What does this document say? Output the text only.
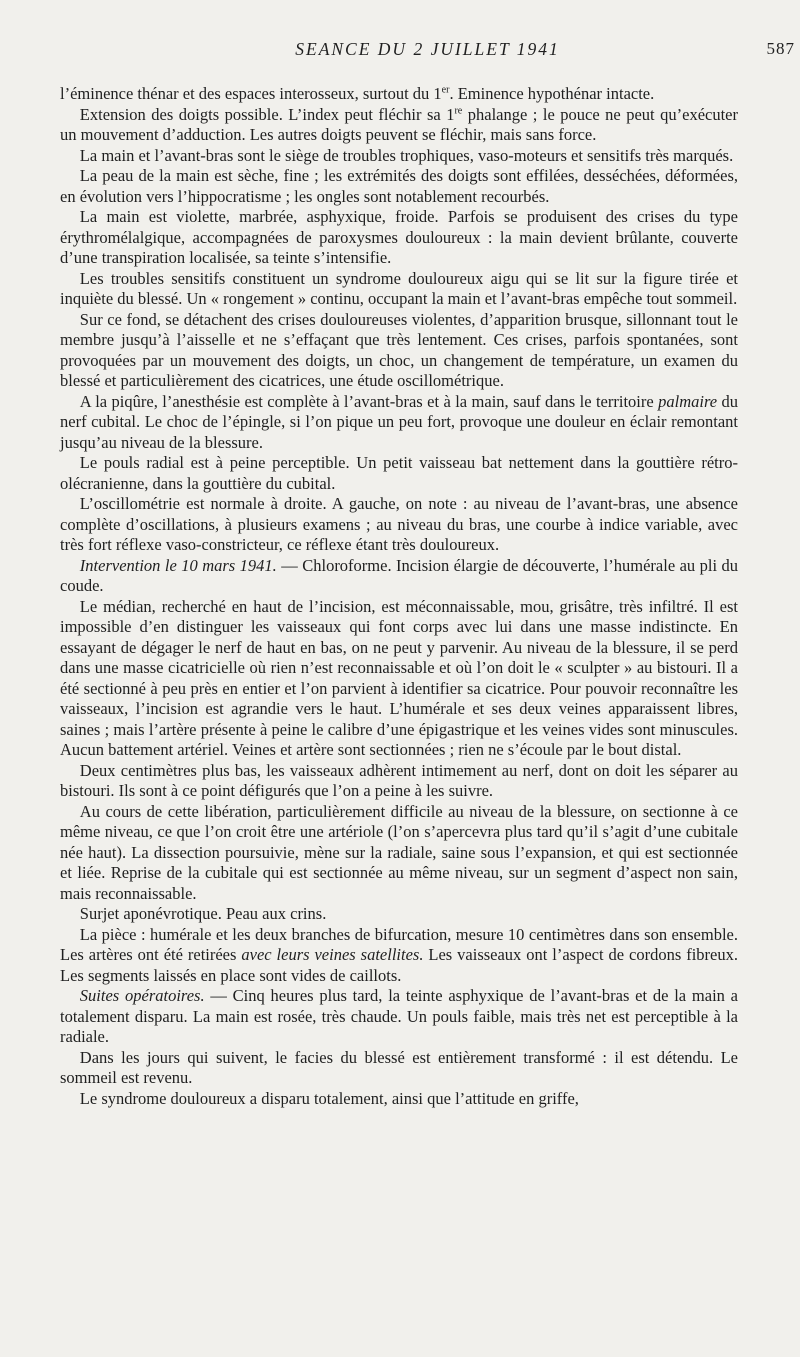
SEANCE DU 2 JUILLET 1941	587

l’éminence thénar et des espaces interosseux, surtout du 1er. Eminence hypothénar intacte.

Extension des doigts possible. L’index peut fléchir sa 1re phalange ; le pouce ne peut qu’exécuter un mouvement d’adduction. Les autres doigts peuvent se fléchir, mais sans force.

La main et l’avant-bras sont le siège de troubles trophiques, vaso-moteurs et sensitifs très marqués.

La peau de la main est sèche, fine ; les extrémités des doigts sont effilées, desséchées, déformées, en évolution vers l’hippocratisme ; les ongles sont notablement recourbés.

La main est violette, marbrée, asphyxique, froide. Parfois se produisent des crises du type érythromélalgique, accompagnées de paroxysmes douloureux : la main devient brûlante, couverte d’une transpiration localisée, sa teinte s’intensifie.

Les troubles sensitifs constituent un syndrome douloureux aigu qui se lit sur la figure tirée et inquiète du blessé. Un « rongement » continu, occupant la main et l’avant-bras empêche tout sommeil.

Sur ce fond, se détachent des crises douloureuses violentes, d’apparition brusque, sillonnant tout le membre jusqu’à l’aisselle et ne s’effaçant que très lentement. Ces crises, parfois spontanées, sont provoquées par un mouvement des doigts, un choc, un changement de température, un examen du blessé et particulièrement des cicatrices, une étude oscillométrique.

A la piqûre, l’anesthésie est complète à l’avant-bras et à la main, sauf dans le territoire palmaire du nerf cubital. Le choc de l’épingle, si l’on pique un peu fort, provoque une douleur en éclair remontant jusqu’au niveau de la blessure.

Le pouls radial est à peine perceptible. Un petit vaisseau bat nettement dans la gouttière rétro-olécranienne, dans la gouttière du cubital.

L’oscillométrie est normale à droite. A gauche, on note : au niveau de l’avant-bras, une absence complète d’oscillations, à plusieurs examens ; au niveau du bras, une courbe à indice variable, avec très fort réflexe vaso-constricteur, ce réflexe étant très douloureux.

Intervention le 10 mars 1941. — Chloroforme. Incision élargie de découverte, l’humérale au pli du coude.

Le médian, recherché en haut de l’incision, est méconnaissable, mou, grisâtre, très infiltré. Il est impossible d’en distinguer les vaisseaux qui font corps avec lui dans une masse indistincte. En essayant de dégager le nerf de haut en bas, on ne peut y parvenir. Au niveau de la blessure, il se perd dans une masse cicatricielle où rien n’est reconnaissable et où l’on doit le « sculpter » au bistouri. Il a été sectionné à peu près en entier et l’on parvient à identifier sa cicatrice. Pour pouvoir reconnaître les vaisseaux, l’incision est agrandie vers le haut. L’humérale et ses deux veines apparaissent libres, saines ; mais l’artère présente à peine le calibre d’une épigastrique et les veines vides sont minuscules. Aucun battement artériel. Veines et artère sont sectionnées ; rien ne s’écoule par le bout distal.

Deux centimètres plus bas, les vaisseaux adhèrent intimement au nerf, dont on doit les séparer au bistouri. Ils sont à ce point défigurés que l’on a peine à les suivre.

Au cours de cette libération, particulièrement difficile au niveau de la blessure, on sectionne à ce même niveau, ce que l’on croit être une artériole (l’on s’apercevra plus tard qu’il s’agit d’une cubitale née haut). La dissection poursuivie, mène sur la radiale, saine sous l’expansion, et qui est sectionnée et liée. Reprise de la cubitale qui est sectionnée au même niveau, sur un segment d’aspect non sain, mais reconnaissable.

Surjet aponévrotique. Peau aux crins.

La pièce : humérale et les deux branches de bifurcation, mesure 10 centimètres dans son ensemble. Les artères ont été retirées avec leurs veines satellites. Les vaisseaux ont l’aspect de cordons fibreux. Les segments laissés en place sont vides de caillots.

Suites opératoires. — Cinq heures plus tard, la teinte asphyxique de l’avant-bras et de la main a totalement disparu. La main est rosée, très chaude. Un pouls faible, mais très net est perceptible à la radiale.

Dans les jours qui suivent, le facies du blessé est entièrement transformé : il est détendu. Le sommeil est revenu.

Le syndrome douloureux a disparu totalement, ainsi que l’attitude en griffe,
